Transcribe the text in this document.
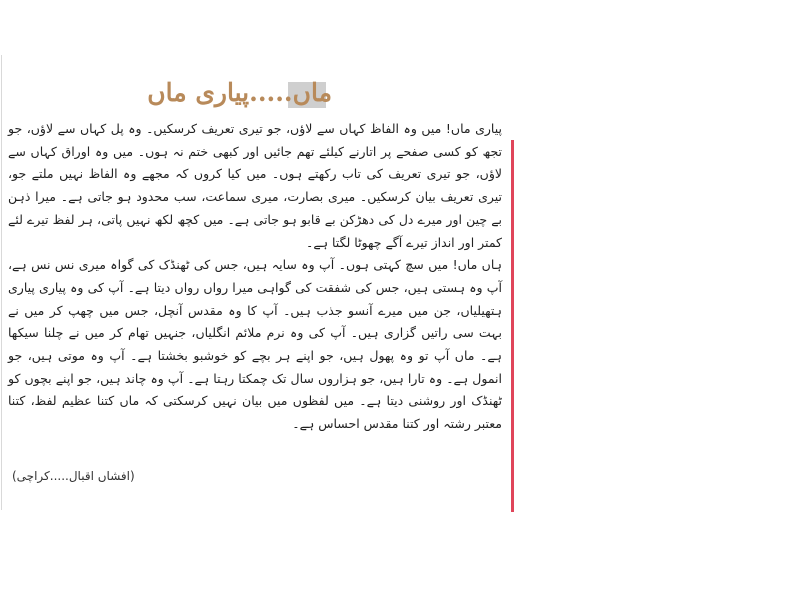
ماں.....پیاری ماں

پیاری ماں! میں وہ الفاظ کہاں سے لاؤں، جو تیری تعریف کرسکیں۔ وہ پل کہاں سے لاؤں، جو تجھ کو کسی صفحے پر اتارنے کیلئے تھم جائیں اور کبھی ختم نہ ہوں۔ میں وہ اوراق کہاں سے لاؤں، جو تیری تعریف کی تاب رکھتے ہوں۔ میں کیا کروں کہ مجھے وہ الفاظ نہیں ملتے جو، تیری تعریف بیان کرسکیں۔ میری بصارت، میری سماعت، سب محدود ہو جاتی ہے۔ میرا ذہن بے چین اور میرے دل کی دھڑکن بے قابو ہو جاتی ہے۔ میں کچھ لکھ نہیں پاتی، ہر لفظ تیرے لئے کمتر اور انداز تیرے آگے چھوٹا لگتا ہے۔

ہاں ماں! میں سچ کہتی ہوں۔ آپ وہ سایہ ہیں، جس کی ٹھنڈک کی گواہ میری نس نس ہے، آپ وہ ہستی ہیں، جس کی شفقت کی گواہی میرا رواں رواں دیتا ہے۔ آپ کی وہ پیاری پیاری ہتھیلیاں، جن میں میرے آنسو جذب ہیں۔ آپ کا وہ مقدس آنچل، جس میں چھپ کر میں نے بہت سی راتیں گزاری ہیں۔ آپ کی وہ نرم ملائم انگلیاں، جنہیں تھام کر میں نے چلنا سیکھا ہے۔ ماں آپ تو وہ پھول ہیں، جو اپنے ہر بچے کو خوشبو بخشتا ہے۔ آپ وہ موتی ہیں، جو انمول ہے۔ وہ تارا ہیں، جو ہزاروں سال تک چمکتا رہتا ہے۔ آپ وہ چاند ہیں، جو اپنے بچوں کو ٹھنڈک اور روشنی دیتا ہے۔ میں لفظوں میں بیان نہیں کرسکتی کہ ماں کتنا عظیم لفظ، کتنا معتبر رشتہ اور کتنا مقدس احساس ہے۔

(افشاں اقبال.....کراچی)
